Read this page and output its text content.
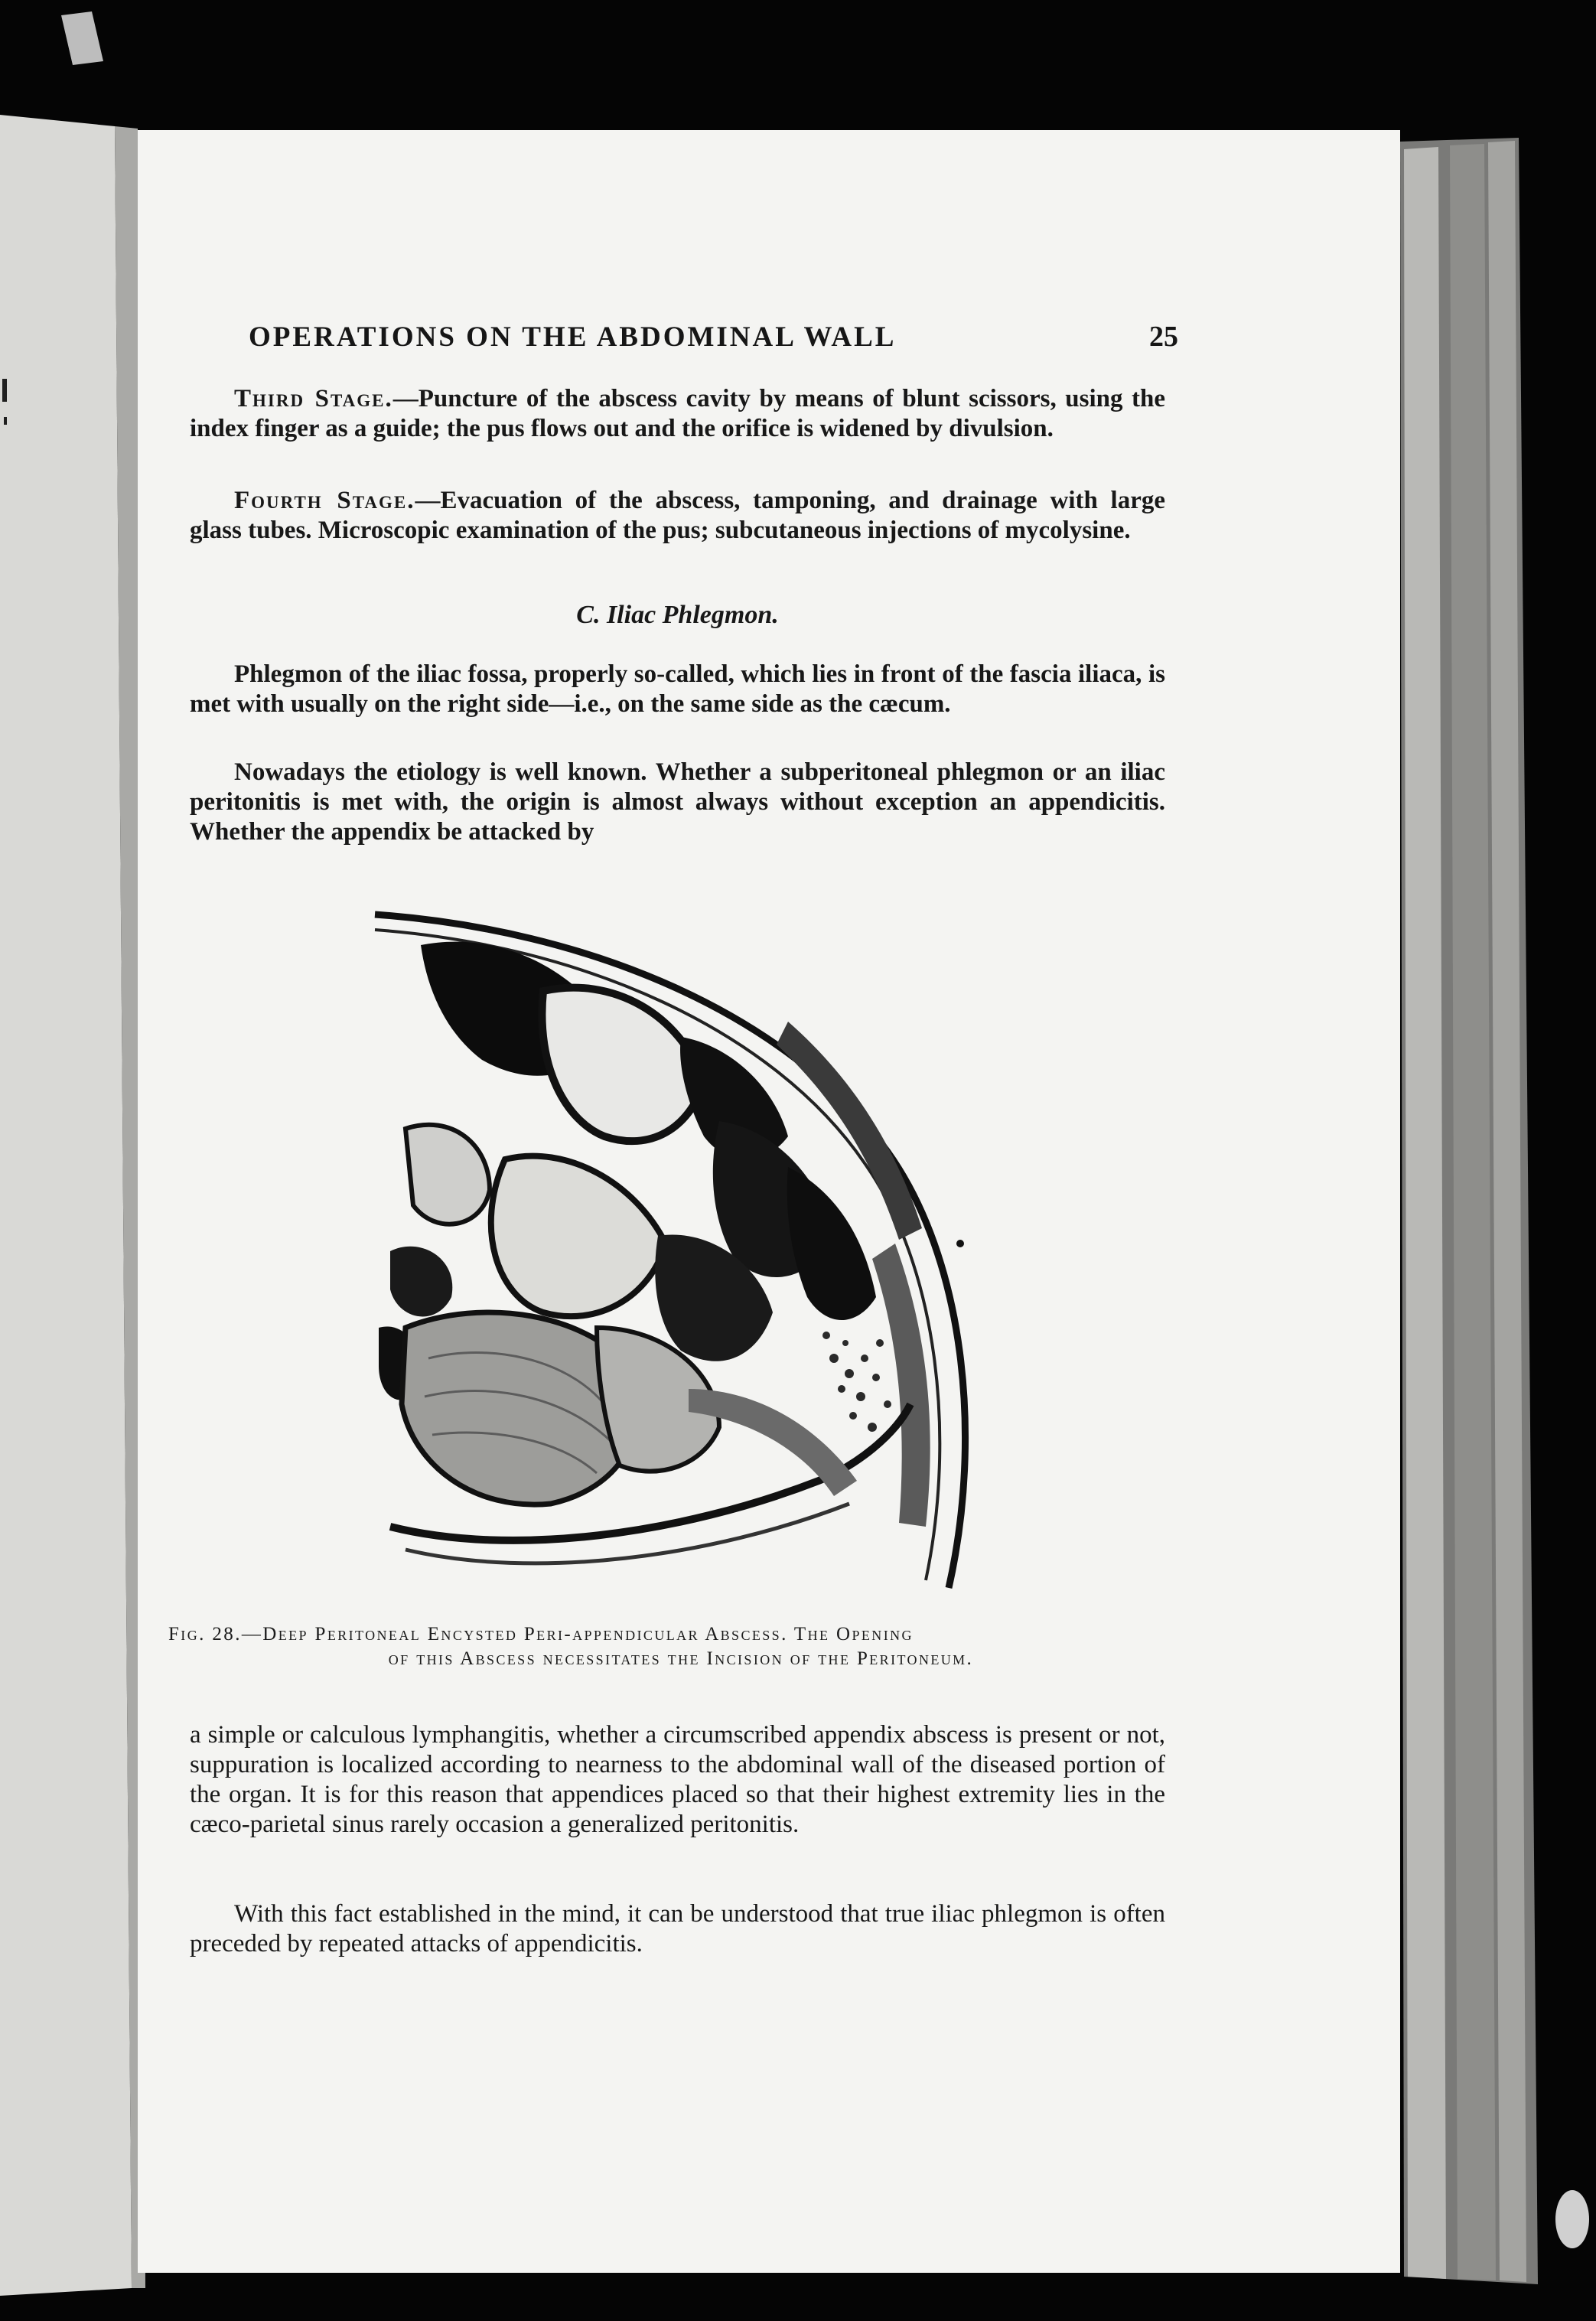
OPERATIONS ON THE ABDOMINAL WALL	25
Third Stage.—Puncture of the abscess cavity by means of blunt scissors, using the index finger as a guide; the pus flows out and the orifice is widened by divulsion.
Fourth Stage.—Evacuation of the abscess, tamponing, and drainage with large glass tubes. Microscopic examination of the pus; subcutaneous injections of mycolysine.
C. Iliac Phlegmon.
Phlegmon of the iliac fossa, properly so-called, which lies in front of the fascia iliaca, is met with usually on the right side—i.e., on the same side as the cæcum.
Nowadays the etiology is well known. Whether a subperitoneal phlegmon or an iliac peritonitis is met with, the origin is almost always without exception an appendicitis. Whether the appendix be attacked by
Fig. 28.—Deep Peritoneal Encysted Peri-appendicular Abscess. The Opening
of this Abscess necessitates the Incision of the Peritoneum.
a simple or calculous lymphangitis, whether a circumscribed appendix abscess is present or not, suppuration is localized according to nearness to the abdominal wall of the diseased portion of the organ. It is for this reason that appendices placed so that their highest extremity lies in the cæco-parietal sinus rarely occasion a generalized peritonitis.
With this fact established in the mind, it can be understood that true iliac phlegmon is often preceded by repeated attacks of appendicitis.
